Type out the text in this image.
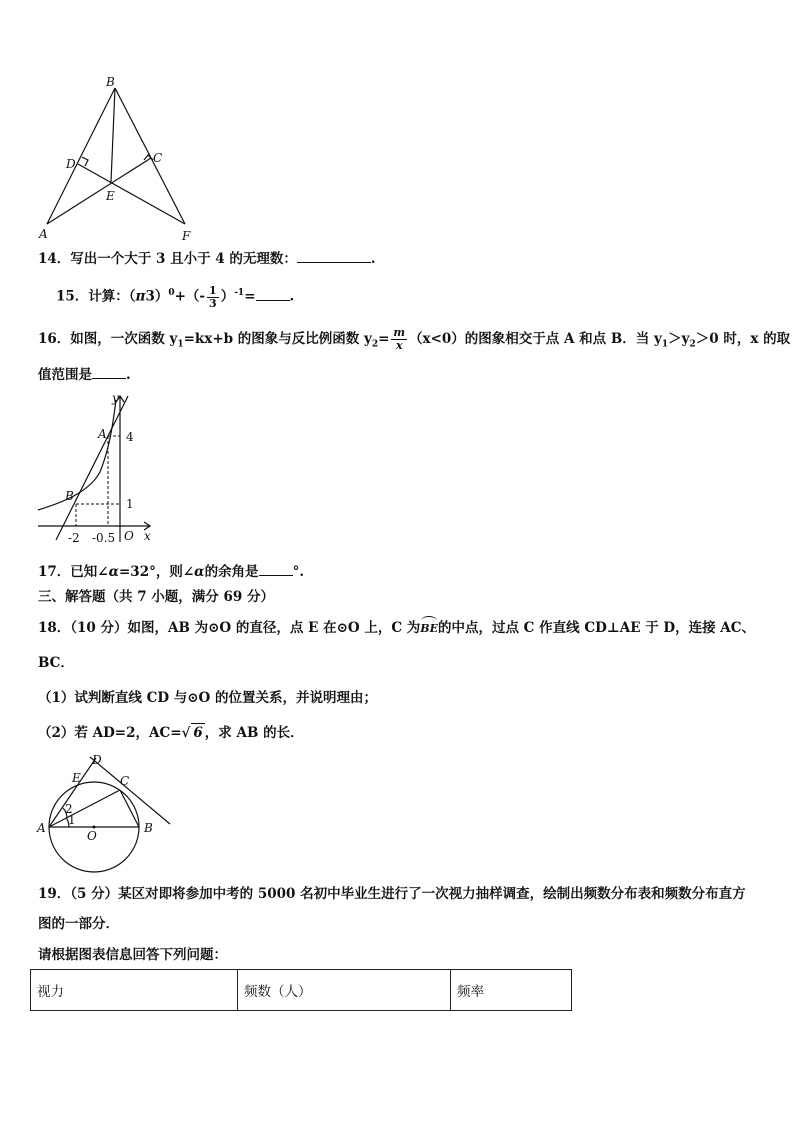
B
D	C
E
A	F
14．写出一个大于 3 且小于 4 的无理数：	.
15．计算：$(\pi 3)^0+(- \frac{1}{3} )^{-1}=$	.
16．如图，一次函数 $y_1=kx+b$ 的图象与反比例函数 $y_2= \frac{m}{x} (x<0)$的图象相交于点 A 和点 B．当 $y_1>y_2>0$ 时，x 的取
值范围是	.
y
x
A
B
O
4
1
-2 -0.5
17．已知∠α=32°，则∠α的余角是	°.
三、解答题（共 7 小题，满分 69 分）
18．（10 分）如图，AB 为⊙O 的直径，点 E 在⊙O 上，C 为BE
的中点，过点 C 作直线 CD⊥AE 于 D，连接 AC、
BC．
（1）试判断直线 CD 与⊙O 的位置关系，并说明理由；
（2）若 AD=2，AC=√ 6 ，求 AB 的长．
D
E	C
A	B
O
1
2
19．（5 分）某区对即将参加中考的 5000 名初中毕业生进行了一次视力抽样调查，绘制出频数分布表和频数分布直方
图的一部分．
请根据图表信息回答下列问题：
视力	频数（人）	频率
